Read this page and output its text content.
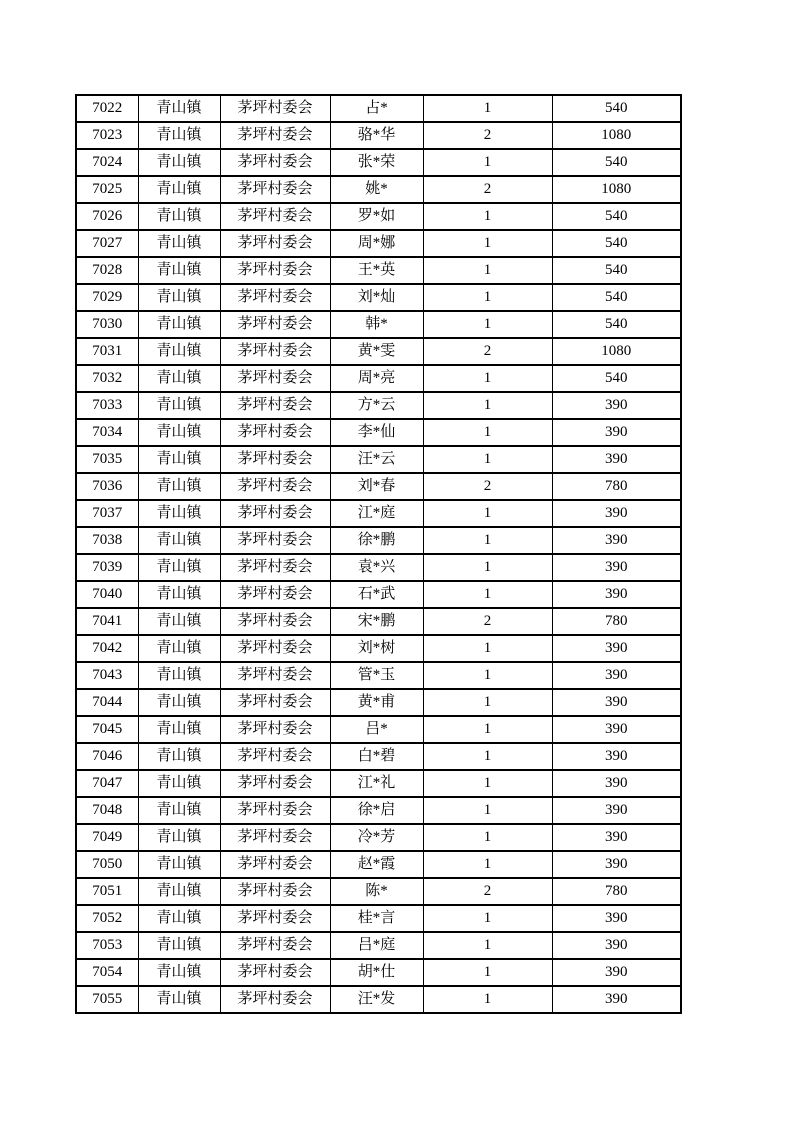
7022	青山镇	茅坪村委会	占*	1	540
7023	青山镇	茅坪村委会	骆*华	2	1080
7024	青山镇	茅坪村委会	张*荣	1	540
7025	青山镇	茅坪村委会	姚*	2	1080
7026	青山镇	茅坪村委会	罗*如	1	540
7027	青山镇	茅坪村委会	周*娜	1	540
7028	青山镇	茅坪村委会	王*英	1	540
7029	青山镇	茅坪村委会	刘*灿	1	540
7030	青山镇	茅坪村委会	韩*	1	540
7031	青山镇	茅坪村委会	黄*雯	2	1080
7032	青山镇	茅坪村委会	周*亮	1	540
7033	青山镇	茅坪村委会	方*云	1	390
7034	青山镇	茅坪村委会	李*仙	1	390
7035	青山镇	茅坪村委会	汪*云	1	390
7036	青山镇	茅坪村委会	刘*春	2	780
7037	青山镇	茅坪村委会	江*庭	1	390
7038	青山镇	茅坪村委会	徐*鹏	1	390
7039	青山镇	茅坪村委会	袁*兴	1	390
7040	青山镇	茅坪村委会	石*武	1	390
7041	青山镇	茅坪村委会	宋*鹏	2	780
7042	青山镇	茅坪村委会	刘*树	1	390
7043	青山镇	茅坪村委会	管*玉	1	390
7044	青山镇	茅坪村委会	黄*甫	1	390
7045	青山镇	茅坪村委会	吕*	1	390
7046	青山镇	茅坪村委会	白*碧	1	390
7047	青山镇	茅坪村委会	江*礼	1	390
7048	青山镇	茅坪村委会	徐*启	1	390
7049	青山镇	茅坪村委会	冷*芳	1	390
7050	青山镇	茅坪村委会	赵*霞	1	390
7051	青山镇	茅坪村委会	陈*	2	780
7052	青山镇	茅坪村委会	桂*言	1	390
7053	青山镇	茅坪村委会	吕*庭	1	390
7054	青山镇	茅坪村委会	胡*仕	1	390
7055	青山镇	茅坪村委会	汪*发	1	390
